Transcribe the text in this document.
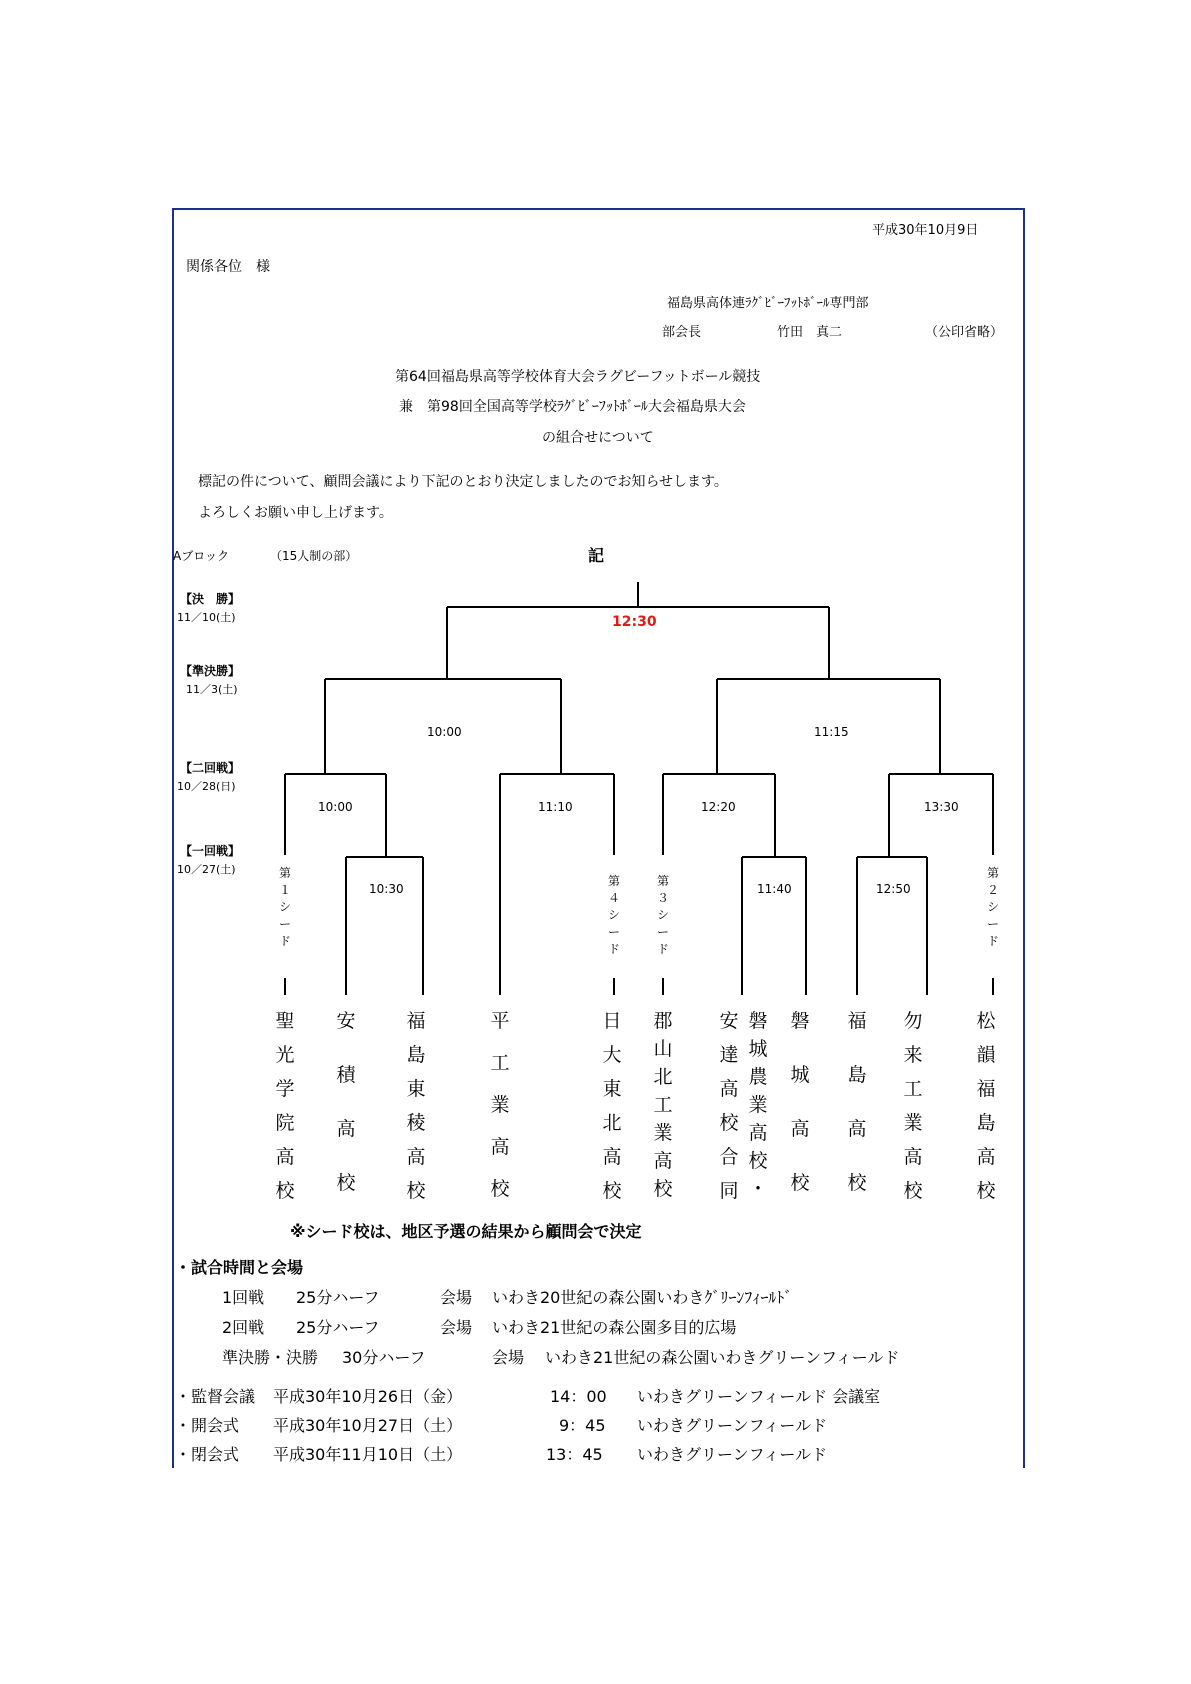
平成30年10月9日
関係各位　様
福島県高体連ﾗｸﾞﾋﾞｰﾌｯﾄﾎﾞｰﾙ専門部
部会長	竹田　真二	（公印省略）
第64回福島県高等学校体育大会ラグビーフットボール競技
兼　第98回全国高等学校ﾗｸﾞﾋﾞｰﾌｯﾄﾎﾞｰﾙ大会福島県大会
の組合せについて
標記の件について、顧問会議により下記のとおり決定しましたのでお知らせします。
よろしくお願い申し上げます。
Aブロック	（15人制の部）	記
【決　勝】
11／10(土)
【準決勝】
11／3(土)
【二回戦】
10／28(日)
【一回戦】
10／27(土)
12:30
10:00	11:15
10:00	11:10	12:20	13:30
10:30	11:40	12:50
第
１
シ
ー
ド
第
４
シ
ー
ド
第
３
シ
ー
ド
第
２
シ
ー
ド
聖
光
学
院
高
校
安
積
高
校
福
島
東
稜
高
校
平
工
業
高
校
日
大
東
北
高
校
郡
山
北
工
業
高
校
安
達
高
校
合
同
磐
城
農
業
高
校
・
磐
城
高
校
福
島
高
校
勿
来
工
業
高
校
松
韻
福
島
高
校
※シード校は、地区予選の結果から顧問会で決定
・試合時間と会場
1回戦 25分ハーフ	会場 いわき20世紀の森公園いわきｸﾞﾘｰﾝﾌｨｰﾙﾄﾞ
2回戦 25分ハーフ	会場 いわき21世紀の森公園多目的広場
準決勝・決勝 30分ハーフ	会場 いわき21世紀の森公園いわきグリーンフィールド
・監督会議 平成30年10月26日（金）	14：00 いわきグリーンフィールド 会議室
・開会式 平成30年10月27日（土）	9：45 いわきグリーンフィールド
・閉会式 平成30年11月10日（土）	13：45 いわきグリーンフィールド
